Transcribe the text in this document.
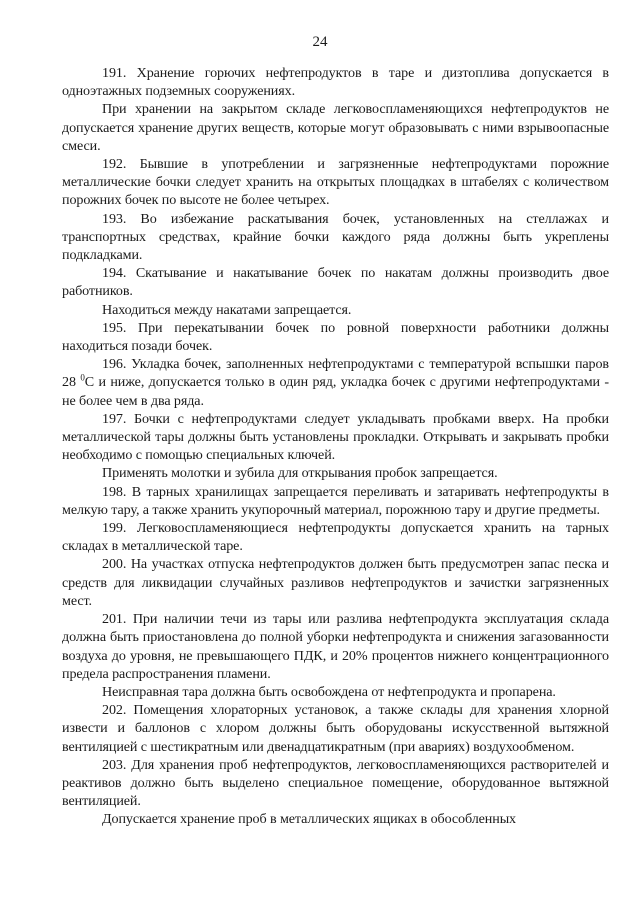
24

191. Хранение горючих нефтепродуктов в таре и дизтоплива допускается в одноэтажных подземных сооружениях.

При хранении на закрытом складе легковоспламеняющихся нефтепродуктов не допускается хранение других веществ, которые могут образовывать с ними взрывоопасные смеси.

192. Бывшие в употреблении и загрязненные нефтепродуктами порожние металлические бочки следует хранить на открытых площадках в штабелях с количеством порожних бочек по высоте не более четырех.

193. Во избежание раскатывания бочек, установленных на стеллажах и транспортных средствах, крайние бочки каждого ряда должны быть укреплены подкладками.

194. Скатывание и накатывание бочек по накатам должны производить двое работников.

Находиться между накатами запрещается.

195. При перекатывании бочек по ровной поверхности работники должны находиться позади бочек.

196. Укладка бочек, заполненных нефтепродуктами с температурой вспышки паров 28 $^0$С и ниже, допускается только в один ряд, укладка бочек с другими нефтепродуктами - не более чем в два ряда.

197. Бочки с нефтепродуктами следует укладывать пробками вверх. На пробки металлической тары должны быть установлены прокладки. Открывать и закрывать пробки необходимо с помощью специальных ключей.

Применять молотки и зубила для открывания пробок запрещается.

198. В тарных хранилищах запрещается переливать и затаривать нефтепродукты в мелкую тару, а также хранить укупорочный материал, порожнюю тару и другие предметы.

199. Легковоспламеняющиеся нефтепродукты допускается хранить на тарных складах в металлической таре.

200. На участках отпуска нефтепродуктов должен быть предусмотрен запас песка и средств для ликвидации случайных разливов нефтепродуктов и зачистки загрязненных мест.

201. При наличии течи из тары или разлива нефтепродукта эксплуатация склада должна быть приостановлена до полной уборки нефтепродукта и снижения загазованности воздуха до уровня, не превышающего ПДК, и 20% процентов нижнего концентрационного предела распространения пламени.

Неисправная тара должна быть освобождена от нефтепродукта и пропарена.

202. Помещения хлораторных установок, а также склады для хранения хлорной извести и баллонов с хлором должны быть оборудованы искусственной вытяжной вентиляцией с шестикратным или двенадцатикратным (при авариях) воздухообменом.

203. Для хранения проб нефтепродуктов, легковоспламеняющихся растворителей и реактивов должно быть выделено специальное помещение, оборудованное вытяжной вентиляцией.

Допускается хранение проб в металлических ящиках в обособленных
